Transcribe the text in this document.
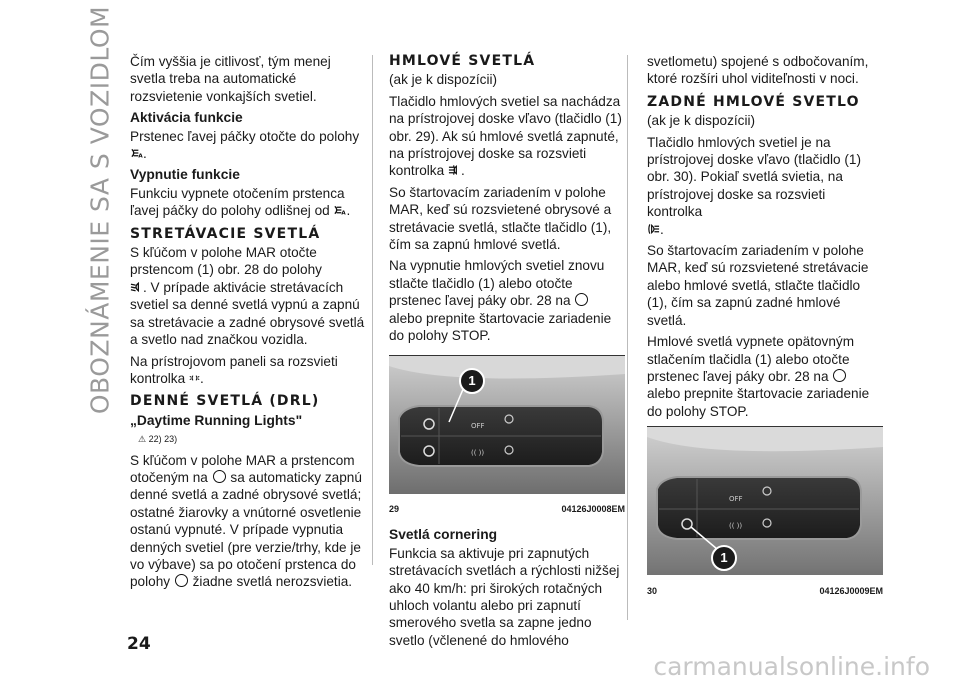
OBOZNÁMENIE SA S VOZIDLOM Čím vyššia je citlivosť, tým menej svetla treba na automatické rozsvietenie vonkajších svetiel.

Aktivácia funkcie

Prstenec ľavej páčky otočte do polohy

A .

Vypnutie funkcie

Funkciu vypnete otočením prstenca ľavej páčky do polohy odlišnej od A .

STRETÁVACIE SVETLÁ

S kľúčom v polohe MAR otočte prstencom (1) obr. 28 do polohy
. V prípade aktivácie stretávacích svetiel sa denné svetlá vypnú a zapnú sa stretávacie a zadné obrysové svetlá a svetlo nad značkou vozidla.

Na prístrojovom paneli sa rozsvieti kontrolka .

DENNÉ SVETLÁ (DRL)
„Daytime Running Lights"
⚠ 22) 23)

S kľúčom v polohe MAR a prstencom otočeným na sa automaticky zapnú denné svetlá a zadné obrysové svetlá; ostatné žiarovky a vnútorné osvetlenie ostanú vypnuté. V prípade vypnutia denných svetiel (pre verzie/trhy, kde je vo výbave) sa po otočení prstenca do polohy žiadne svetlá nerozsvietia.

HMLOVÉ SVETLÁ

(ak je k dispozícii)

Tlačidlo hmlových svetiel sa nachádza na prístrojovej doske vľavo (tlačidlo (1) obr. 29). Ak sú hmlové svetlá zapnuté, na prístrojovej doske sa rozsvieti kontrolka .

So štartovacím zariadením v polohe MAR, keď sú rozsvietené obrysové a stretávacie svetlá, stlačte tlačidlo (1), čím sa zapnú hmlové svetlá.

Na vypnutie hmlových svetiel znovu stlačte tlačidlo (1) alebo otočte prstenec ľavej páky obr. 28 na  alebo prepnite štartovacie zariadenie do polohy STOP.

OFF
(( ))
1
29	04126J0008EM
Svetlá cornering

Funkcia sa aktivuje pri zapnutých stretávacích svetlách a rýchlosti nižšej ako 40 km/h: pri širokých rotačných uhloch volantu alebo pri zapnutí smerového svetla sa zapne jedno svetlo (včlenené do hmlového

svetlometu) spojené s odbočovaním, ktoré rozšíri uhol viditeľnosti v noci.

ZADNÉ HMLOVÉ SVETLO

(ak je k dispozícii)

Tlačidlo hmlových svetiel je na prístrojovej doske vľavo (tlačidlo (1) obr. 30). Pokiaľ svetlá svietia, na prístrojovej doske sa rozsvieti kontrolka
.

So štartovacím zariadením v polohe MAR, keď sú rozsvietené stretávacie alebo hmlové svetlá, stlačte tlačidlo (1), čím sa zapnú zadné hmlové svetlá.

Hmlové svetlá vypnete opätovným stlačením tlačidla (1) alebo otočte prstenec ľavej páky obr. 28 na  alebo prepnite štartovacie zariadenie do polohy STOP.

OFF
(( ))
1
30	04126J0009EM
24
carmanualsonline.info
